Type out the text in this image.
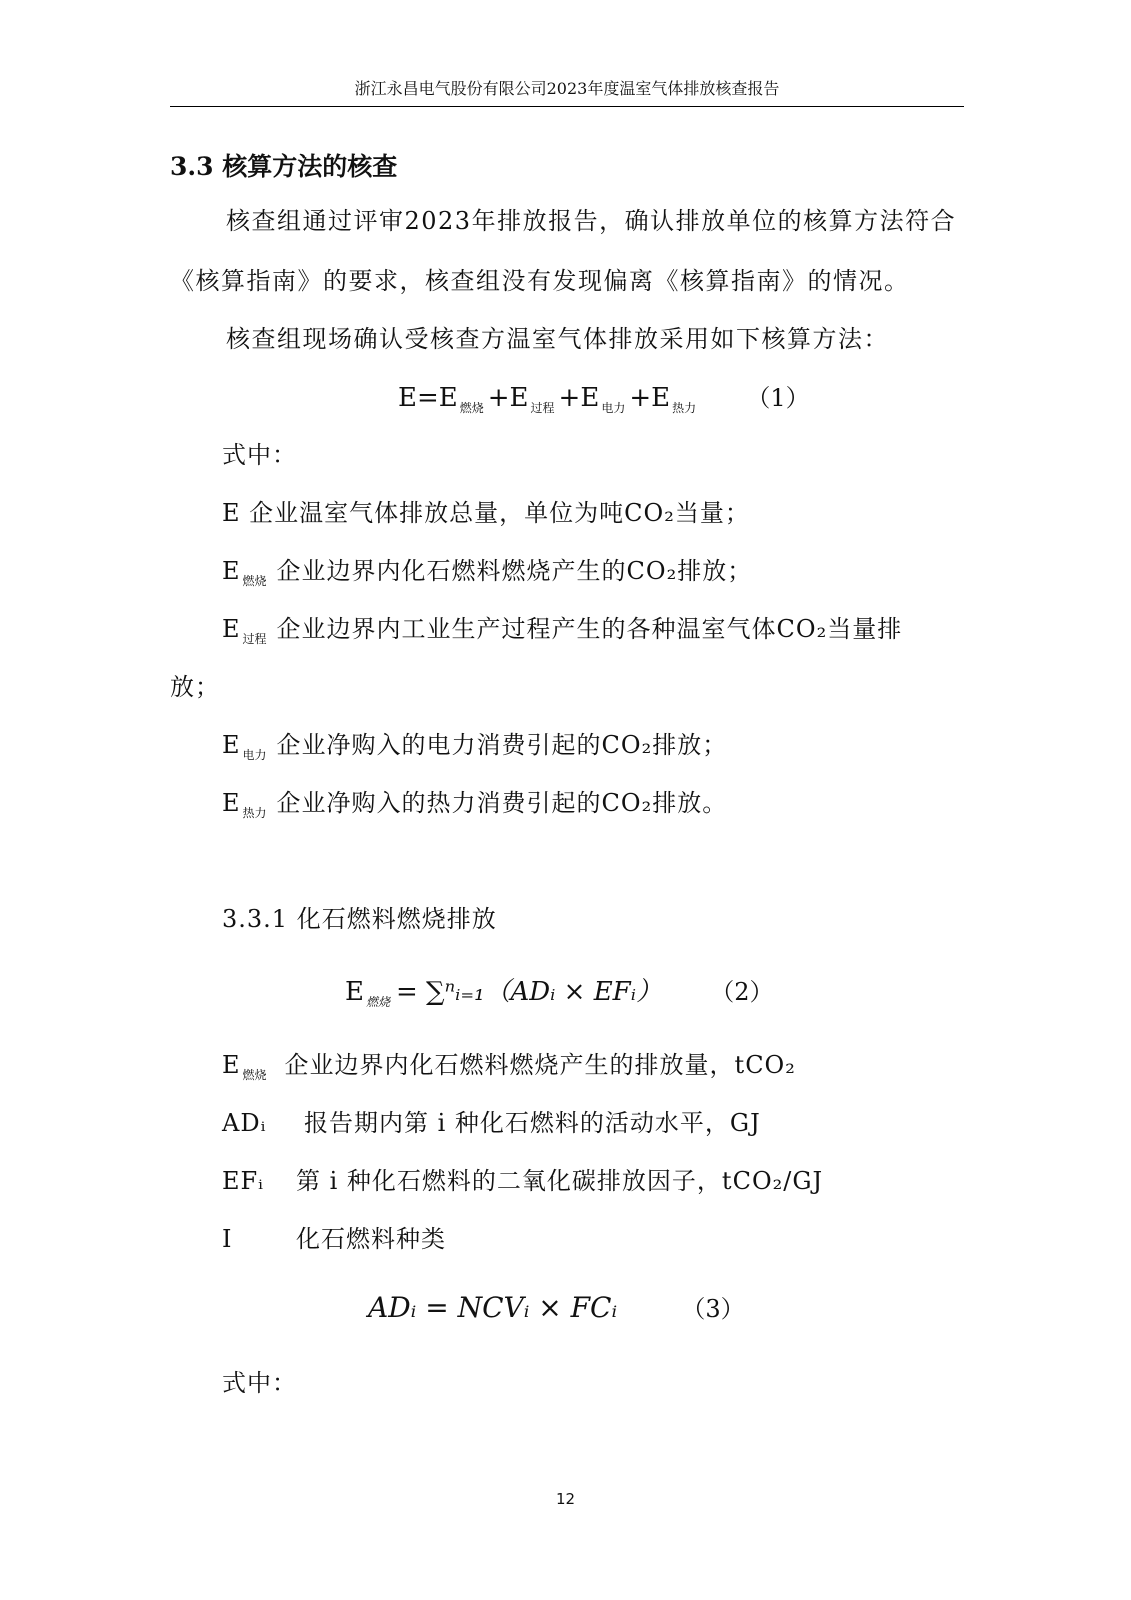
浙江永昌电气股份有限公司2023年度温室气体排放核查报告
3.3 核算方法的核查
核查组通过评审2023年排放报告，确认排放单位的核算方法符合《核算指南》的要求，核查组没有发现偏离《核算指南》的情况。
核查组现场确认受核查方温室气体排放采用如下核算方法：
E=E $_{燃烧}$ +E $_{过程}$ +E $_{电力}$ +E $_{热力}$ （1）
式中：
E 企业温室气体排放总量，单位为吨CO₂当量；
E $_{燃烧}$ 企业边界内化石燃料燃烧产生的CO₂排放；
E $_{过程}$ 企业边界内工业生产过程产生的各种温室气体CO₂当量排
放；
E $_{电力}$ 企业净购入的电力消费引起的CO₂排放；
E $_{热力}$ 企业净购入的热力消费引起的CO₂排放。
3.3.1 化石燃料燃烧排放
E $_{燃烧}$ = ∑ⁿᵢ₌₁（ADᵢ × EFᵢ） （2）
E $_{燃烧}$ 企业边界内化石燃料燃烧产生的排放量，tCO₂
ADᵢ 报告期内第 i 种化石燃料的活动水平，GJ
EFᵢ 第 i 种化石燃料的二氧化碳排放因子，tCO₂/GJ
I	化石燃料种类
ADᵢ = NCVᵢ × FCᵢ	（3）
式中：
12
